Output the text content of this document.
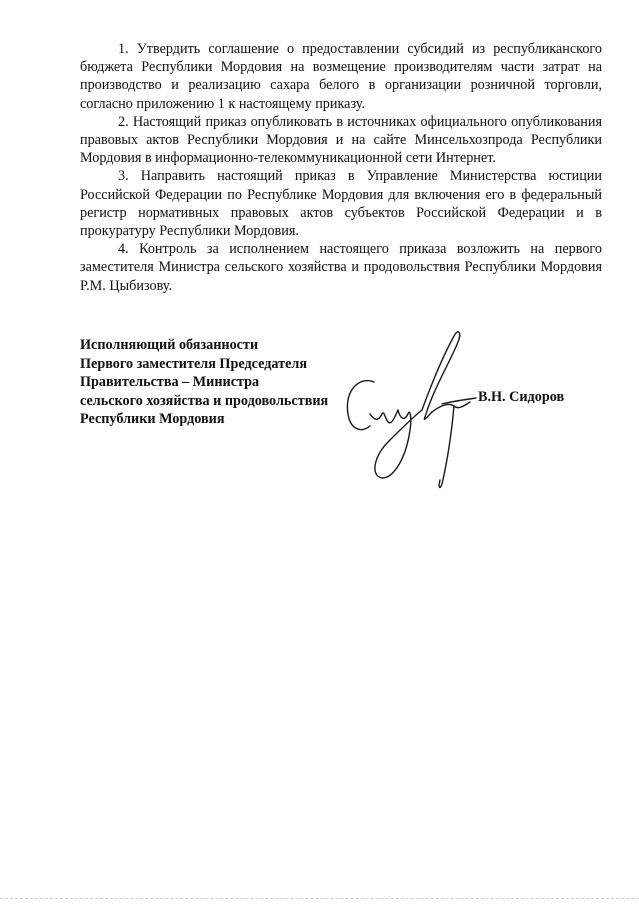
1. Утвердить соглашение о предоставлении субсидий из республиканского бюджета Республики Мордовия на возмещение производителям части затрат на производство и реализацию сахара белого в организации розничной торговли, согласно приложению 1 к настоящему приказу.

2. Настоящий приказ опубликовать в источниках официального опубликования правовых актов Республики Мордовия и на сайте Минсельхозпрода Республики Мордовия в информационно-телекоммуникационной сети Интернет.

3. Направить настоящий приказ в Управление Министерства юстиции Российской Федерации по Республике Мордовия для включения его в федеральный регистр нормативных правовых актов субъектов Российской Федерации и в прокуратуру Республики Мордовия.

4. Контроль за исполнением настоящего приказа возложить на первого заместителя Министра сельского хозяйства и продовольствия Республики Мордовия Р.М. Цыбизову.

Исполняющий обязанности
Первого заместителя Председателя
Правительства – Министра
сельского хозяйства и продовольствия
Республики Мордовия
В.Н. Сидоров
